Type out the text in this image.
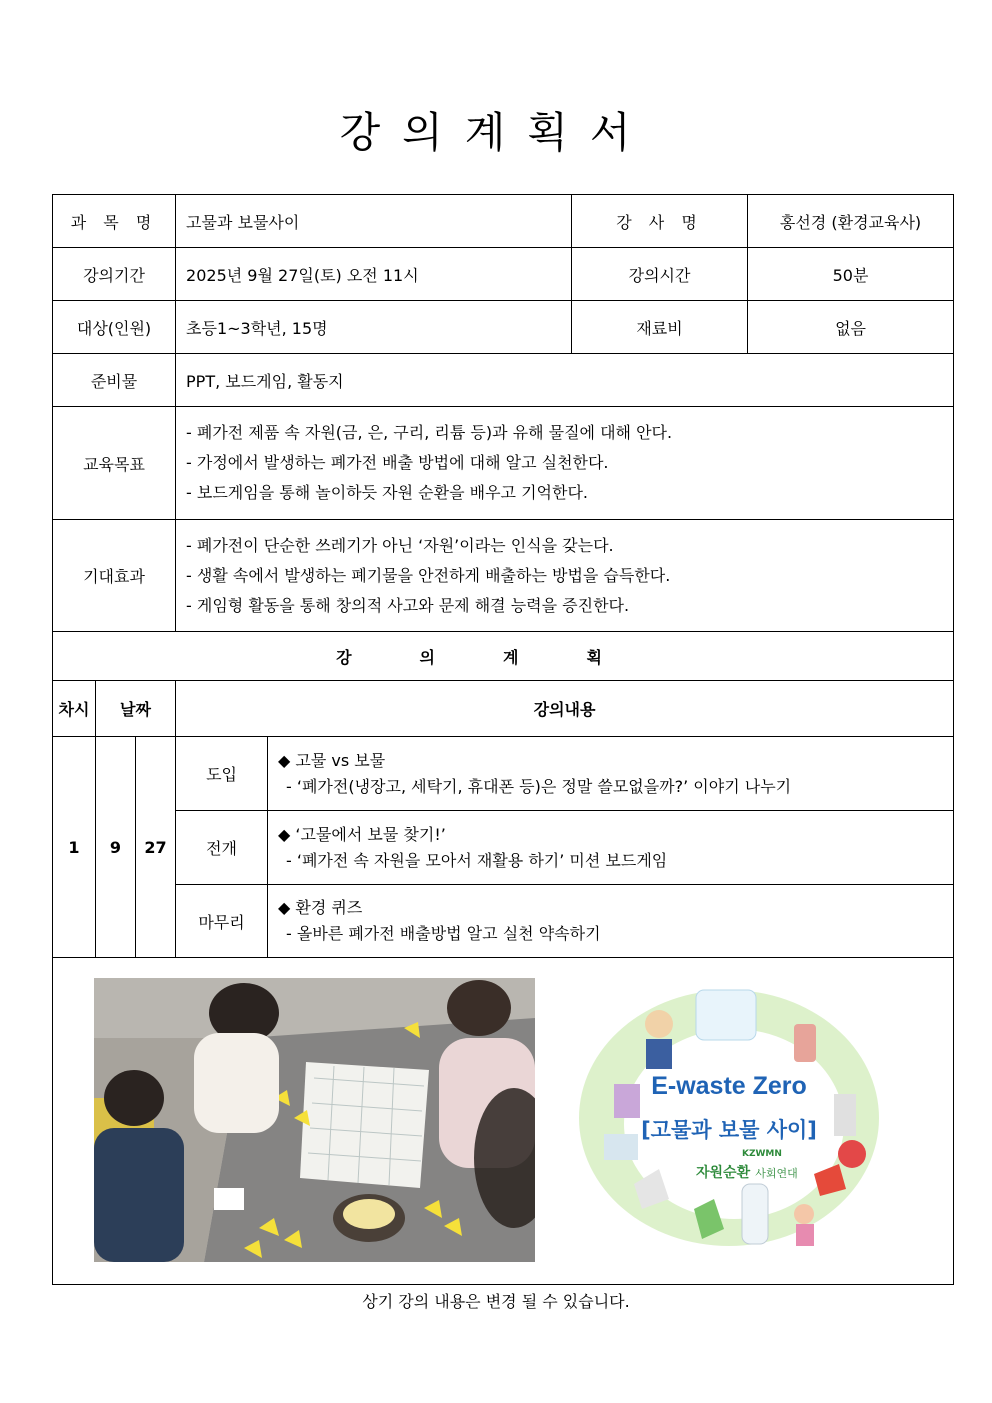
강의계획서
과 목 명			고물과 보물사이		강 사 명	홍선경 (환경교육사)
강의기간			2025년 9월 27일(토) 오전 11시		강의시간	50분
대상(인원)			초등1~3학년, 15명		재료비	없음
준비물			PPT, 보드게임, 활동지			
교육목표			- 폐가전 제품 속 자원(금, 은, 구리, 리튬 등)과 유해 물질에 대해 안다.
- 가정에서 발생하는 폐가전 배출 방법에 대해 알고 실천한다.
- 보드게임을 통해 놀이하듯 자원 순환을 배우고 기억한다.			

기대효과			- 폐가전이 단순한 쓰레기가 아닌 ‘자원’이라는 인식을 갖는다.
- 생활 속에서 발생하는 폐기물을 안전하게 배출하는 방법을 습득한다.
- 게임형 활동을 통해 창의적 사고와 문제 해결 능력을 증진한다.			

강의계획						
차시	날짜		강의내용			
1	9	27	도입	◆ 고물 vs 보물
- ‘폐가전(냉장고, 세탁기, 휴대폰 등)은 정말 쓸모없을까?’ 이야기 나누기		

			전개	◆ ‘고물에서 보물 찾기!’
- ‘폐가전 속 자원을 모아서 재활용 하기’ 미션 보드게임		

			마무리	◆ 환경 퀴즈
- 올바른 폐가전 배출방법 알고 실천 약속하기		

E-waste Zero
[고물과 보물 사이]
자원순환 사회연대
KZWMN
상기 강의 내용은 변경 될 수 있습니다.
